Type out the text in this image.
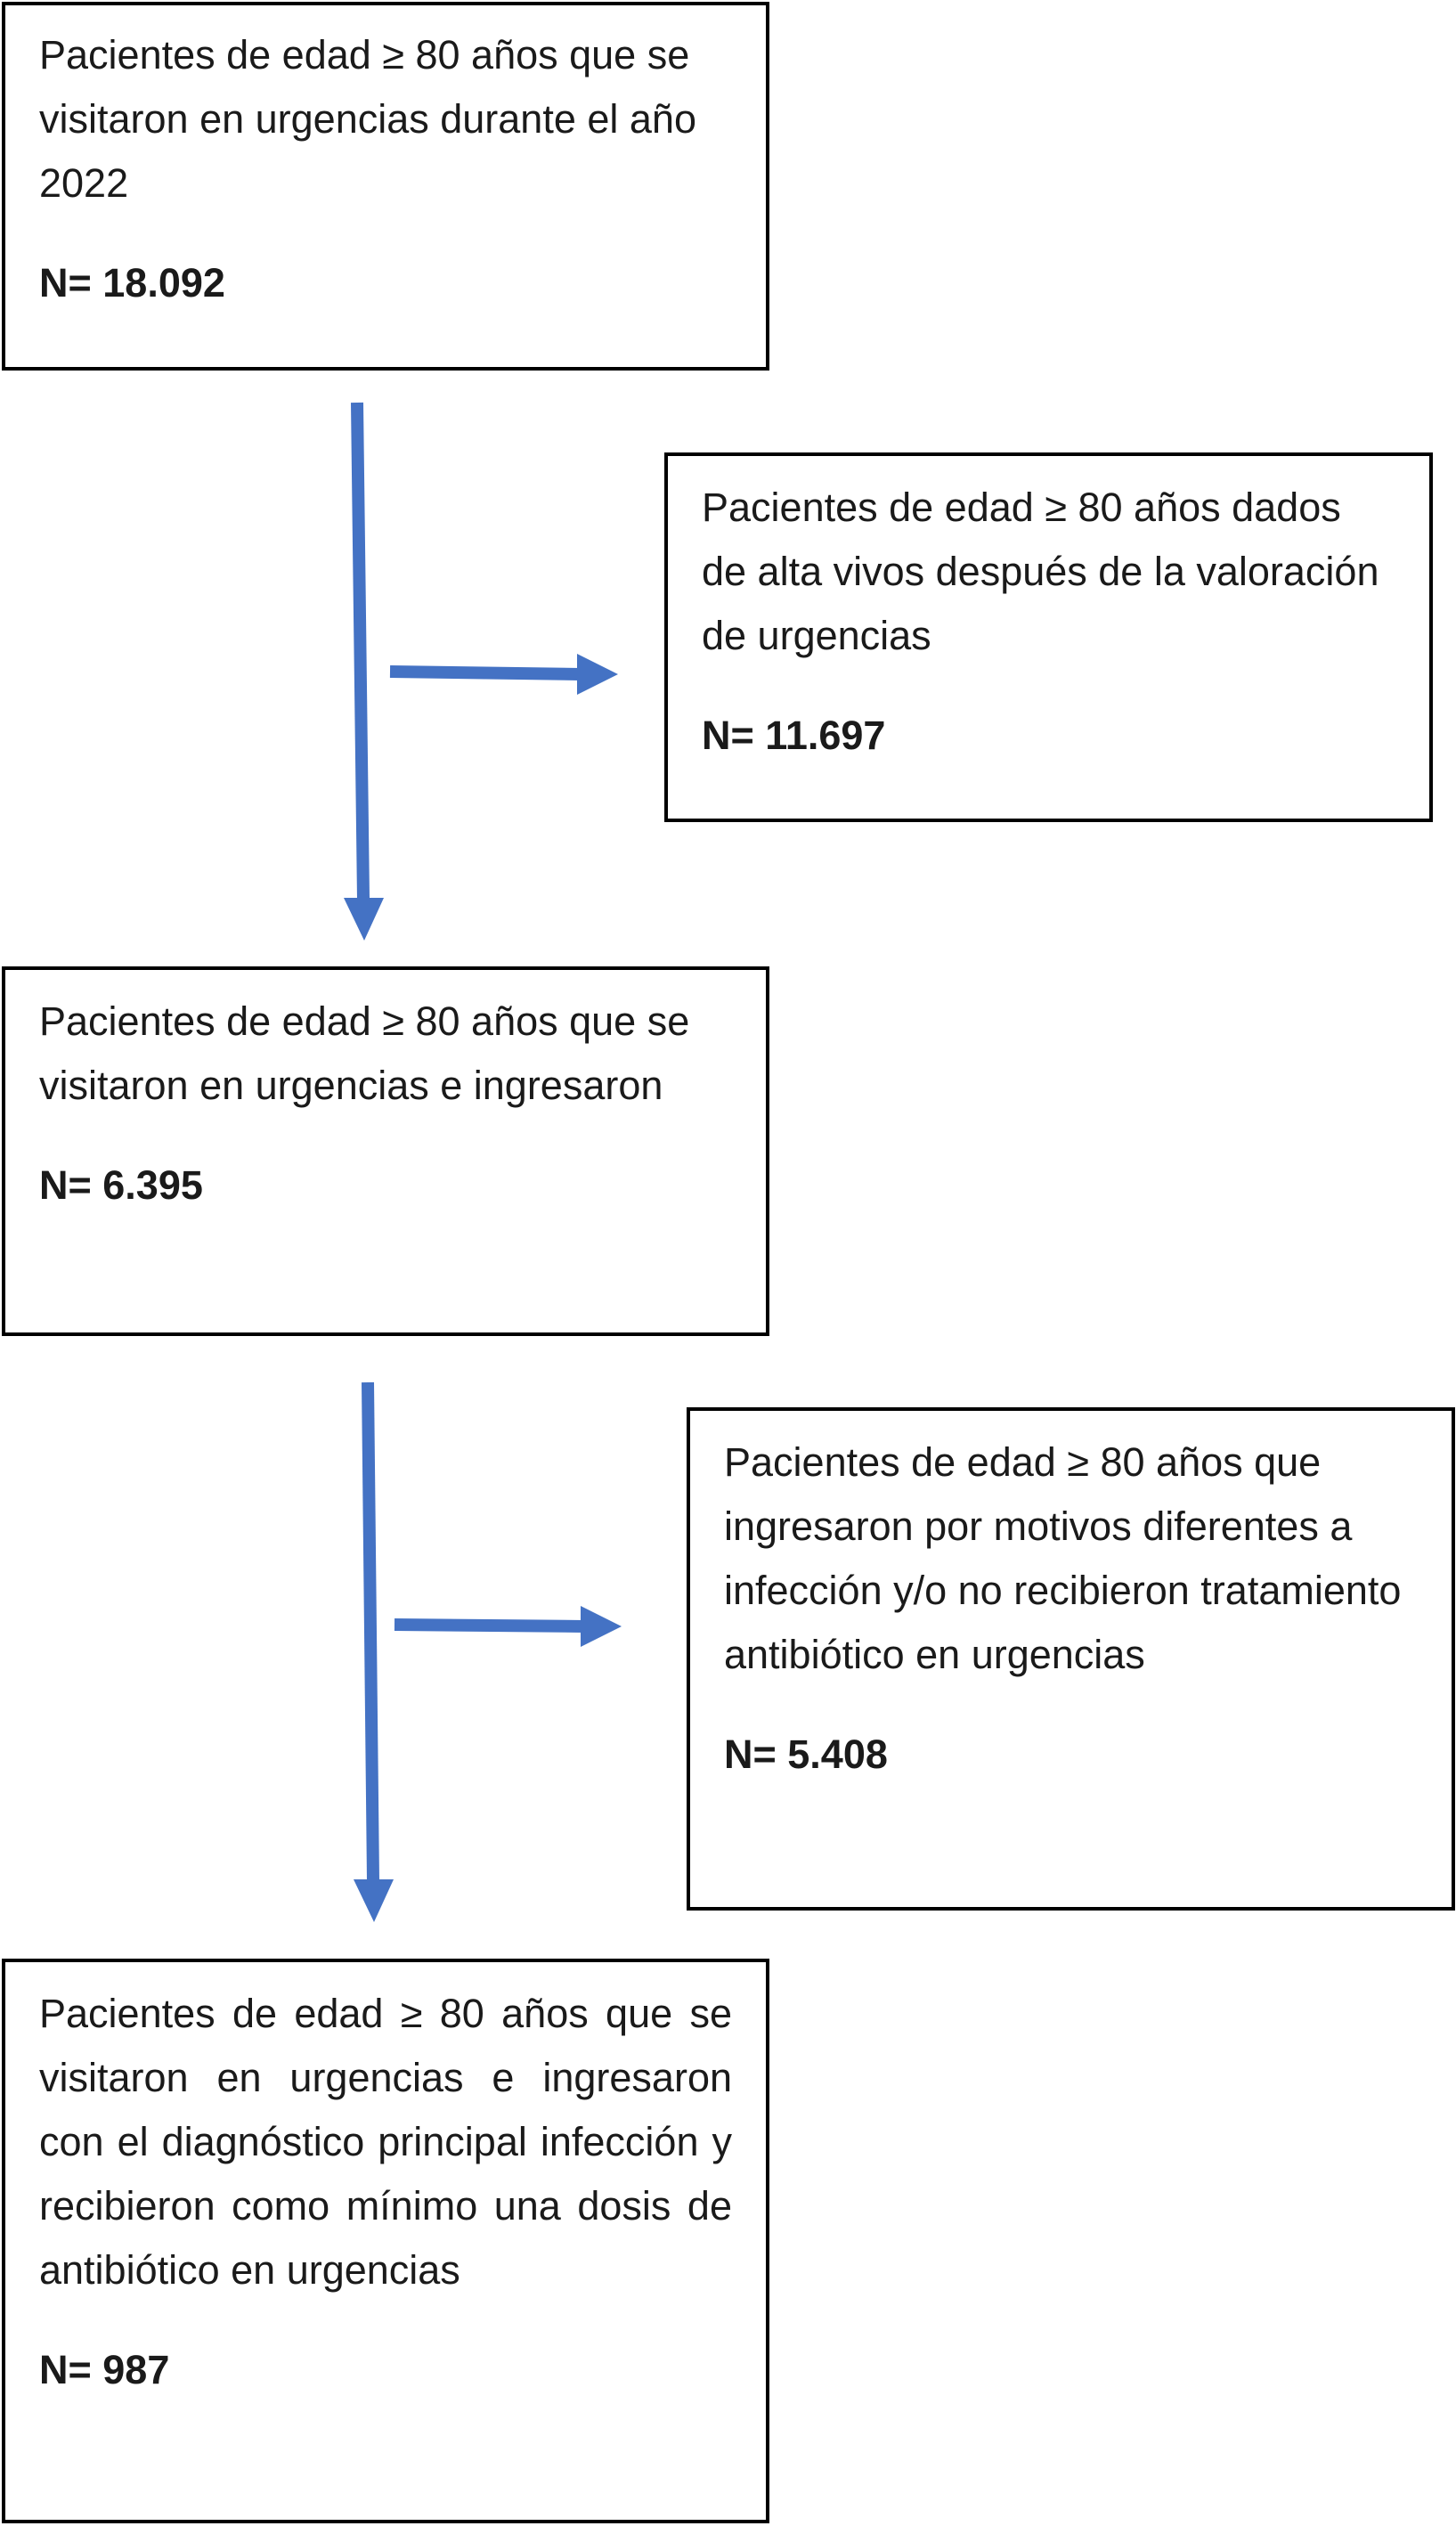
Pacientes de edad ≥ 80 años que se visitaron en urgencias durante el año 2022

N= 18.092

Pacientes de edad ≥ 80 años dados de alta vivos después de la valoración de urgencias

N= 11.697

Pacientes de edad ≥ 80 años que se visitaron en urgencias e ingresaron

N= 6.395

Pacientes de edad ≥ 80 años que ingresaron por motivos diferentes a infección y/o no recibieron tratamiento antibiótico en urgencias

N= 5.408

Pacientes de edad ≥ 80 años que se visitaron en urgencias e ingresaron con el diagnóstico principal infección y recibieron como mínimo una dosis de antibiótico en urgencias

N= 987
